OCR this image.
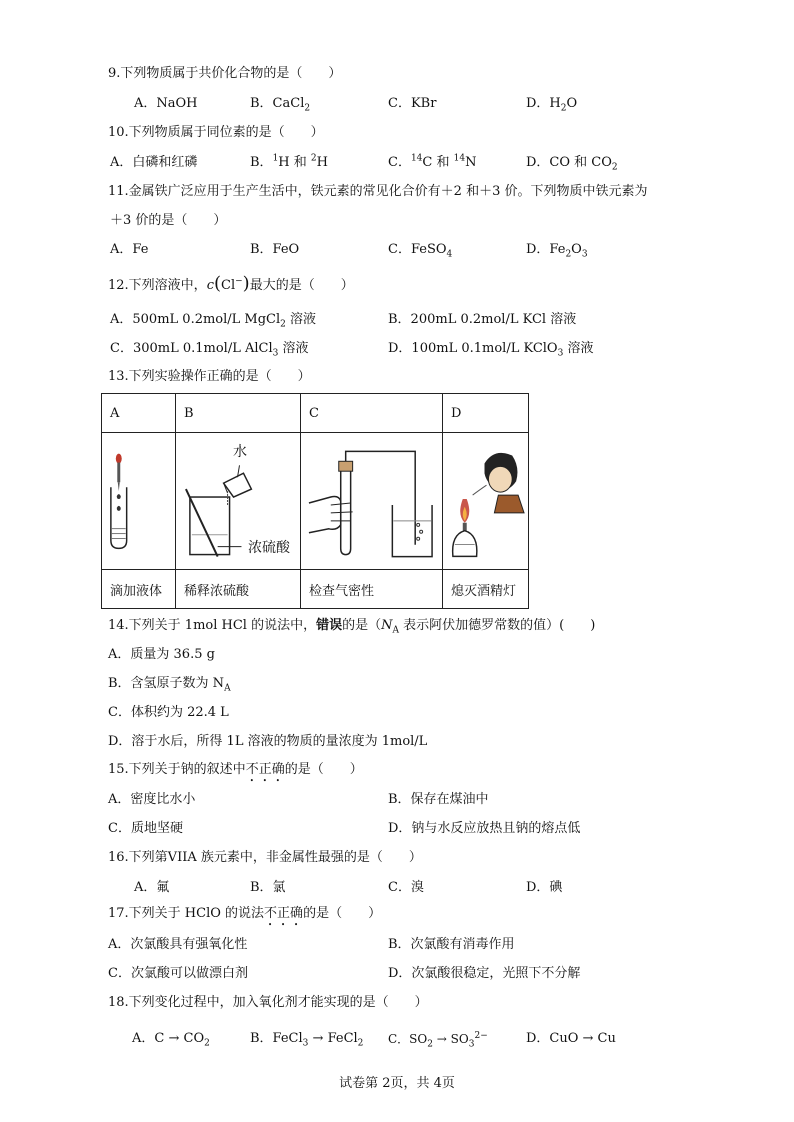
9.下列物质属于共价化合物的是（　　）
A．NaOH	B．CaCl$_2$	C．KBr	D．$H_2O$
10.下列物质属于同位素的是（　　）
A．白磷和红磷	B．$^1$H 和 $^2$H	C．$^{14}$C 和 $^{14}$N	D．CO 和 $CO_2$
11.金属铁广泛应用于生产生活中，铁元素的常见化合价有＋2 和＋3 价。下列物质中铁元素为
＋3 价的是（　　）
A．Fe	B．FeO	C．FeSO$_4$	D．$Fe_2O_3$
12.下列溶液中，c(Cl−)最大的是（　　）
A．500mL 0.2mol/L MgCl$_2$ 溶液	B．200mL 0.2mol/L KCl 溶液
C．300mL 0.1mol/L AlCl$_3$ 溶液	D．100mL 0.1mol/L KClO$_3$ 溶液
13.下列实验操作正确的是（　　）
A	B	C	D

水
浓硫酸

滴加液体	稀释浓硫酸	检查气密性	熄灭酒精灯
14.下列关于 1mol HCl 的说法中，错误的是（$N_A$ 表示阿伏加德罗常数的值）(　　)
A．质量为 36.5 g
B．含氢原子数为 $N_A$
C．体积约为 22.4 L
D．溶于水后，所得 1L 溶液的物质的量浓度为 1mol/L
15.下列关于钠的叙述中不正确的是（　　）
A．密度比水小	B．保存在煤油中
C．质地坚硬	D．钠与水反应放热且钠的熔点低
16.下列第VIIA 族元素中，非金属性最强的是（　　）
A．氟	B．氯	C．溴	D．碘
17.下列关于 HClO 的说法不正确的是（　　）
A．次氯酸具有强氧化性	B．次氯酸有消毒作用
C．次氯酸可以做漂白剂	D．次氯酸很稳定，光照下不分解
18.下列变化过程中，加入氧化剂才能实现的是（　　）
A．$C \to CO_2$	B．FeCl$_3$ → FeCl$_2$ C．$SO_2 \to SO_3^{2-}$	D．CuO → Cu
试卷第 2页，共 4页
